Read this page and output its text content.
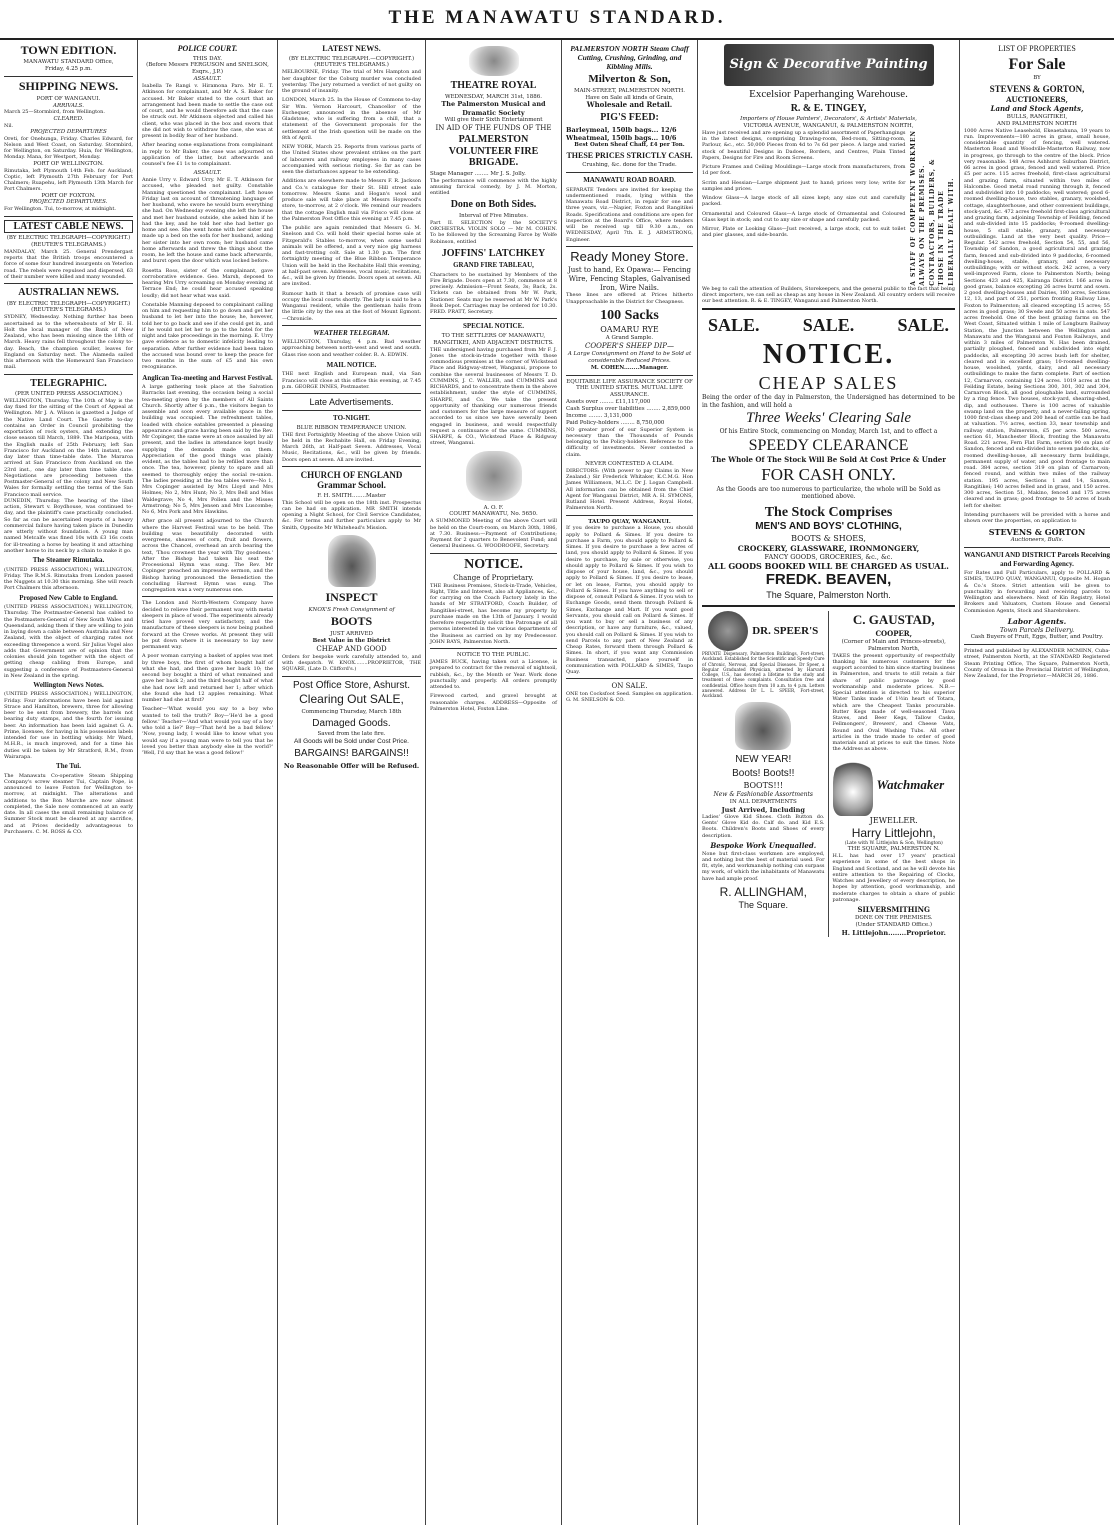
THE MANAWATU STANDARD.
TOWN EDITION.
MANAWATU STANDARD Office,
Friday, 4.25 p.m.
SHIPPING NEWS.
PORT OF WANGANUI.
ARRIVALS.
March 25—Stormbird, from Wellington.
CLEARED.
Nil.
PROJECTED DEPARTURES
Oreti, for Onehunga, Friday. Charles Edward, for Nelson and West Coast, on Saturday. Stormbird, for Wellington, on Saturday. Huia, for Wellington, Monday. Mana, for Westport, Monday.
PORT OF WELLINGTON.
Rimutaka, left Plymouth 14th Feb. for Auckland; Coptic, left Plymouth 27th February for Port Chalmers; Ruapehu, left Plymouth 13th March for Port Chalmers.
PORT OF FOXTON.
PROJECTED DEPARTURES.
For Wellington. Tui, to-morrow, at midnight.
LATEST CABLE NEWS.
(BY ELECTRIC TELEGRAPH—COPYRIGHT.) (REUTER'S TELEGRAMS.)
MANDALAY, March 25. General Prendergast reports that the British troops encountered a force of some four hundred insurgents on Yeterlon road. The rebels were repulsed and dispersed, 63 of their number were killed and many wounded.
AUSTRALIAN NEWS.
(BY ELECTRIC TELEGRAPH—COPYRIGHT.) (REUTER'S TELEGRAMS.)
SYDNEY, Wednesday. Nothing further has been ascertained as to the whereabouts of Mr E. H. Holt the local manager of the Bank of New Zealand, who has been missing since the 18th of March. Heavy rains fell throughout the colony to-day. Beach, the champion sculler, leaves for England on Saturday next. The Alameda sailed this afternoon with the Homeward San Francisco mail.
TELEGRAPHIC.
(PER UNITED PRESS ASSOCIATION.)
WELLINGTON, Thursday. The 10th of May is the day fixed for the sitting of the Court of Appeal at Wellington. Mr J. A. Wilson is gazetted a Judge of the Native Land Court. The Gazette to-day contains an Order in Council prohibiting the exportation of rock oysters, and extending the close season till March, 1889. The Mariposa, with the English mails of 25th February, left San Francisco for Auckland on the 14th instant, one day later than time-table date. The Mararoa arrived at San Francisco from Auckland on the 23rd inst., one day later than time table date. Negotiations are proceeding between the Postmaster-General of the colony and New South Wales for formally settling the terms of the San Francisco mail service.
DUNEDIN, Thursday. The hearing of the libel action, Stewart v. Boydhouse, was continued to-day, and the plaintiff's case practically concluded. So far as can be ascertained reports of a heavy commercial failure having taken place in Dunedin are utterly without foundation. A young man named Metcalfe was fined 10s with £3 16s costs for ill-treating a horse by beating it and attaching another horse to its neck by a chain to make it go.
The Steamer Rimutaka.
(UNITED PRESS ASSOCIATION.) WELLINGTON, Friday. The R.M.S. Rimutaka from London passed the Nuggets at 10.30 this morning. She will reach Port Chalmers this afternoon.
Proposed New Cable to England.
(UNITED PRESS ASSOCIATION.) WELLINGTON, Thursday. The Postmaster-General has cabled to the Postmasters-General of New South Wales and Queensland, asking them if they are willing to join in laying down a cable between Australia and New Zealand, with the object of charging rates not exceeding threepence a word. Sir Julius Vogel also adds that Government are of opinion that the colonies should join together with the object of getting cheap cabling from Europe, and suggesting a conference of Postmasters-General in New Zealand in the spring.
Wellington News Notes.
(UNITED PRESS ASSOCIATION.) WELLINGTON, Friday. Four informations have been laid against Strace and Hamilton, brewers, three for allowing beer to be sent from brewery, the barrels not bearing duty stamps, and the fourth for issuing beer. An information has been laid against G. A. Prime, licensee, for having in his possession labels intended for use in bottling whisky. Mr Ward, M.H.R., is much improved, and for a time his duties will be taken by Mr Stratford, R.M., from Wairarapa.
The Tui.
The Manawatu Co-operative Steam Shipping Company's screw steamer Tui, Captain Pope, is announced to leave Foxton for Wellington to-morrow, at midnight. The alterations and additions to the Bon Marche are now almost completed, the Sale now commenced at an early date. In all cases the small remaining balance of Summer Stock must be cleared at any sacrifice, and at Prices decidedly advantageous to Purchasers. C. M. ROSS & CO.
POLICE COURT.
THIS DAY.
(Before Messrs FERGUSON and SNELSON, Esqrs., J.P.)
ASSAULT.
Isabella Te Rangi v. Hiramona Paro. Mr E. T. Atkinson for complainant, and Mr A. S. Baker for accused. Mr Baker stated to the court that an arrangement had been made to settle the case out of court, and he would therefore ask that the case be struck out. Mr Atkinson objected and called his client, who was placed in the box and sworn that she did not wish to withdraw the case, she was at present in bodily fear of her husband.
After hearing some explanations from complainant in reply to Mr Baker, the case was adjourned on application of the latter, but afterwards and counsel's fee £1 1s to complainant.
ASSAULT.
Annie Urry v. Edward Urry. Mr E. T. Atkinson for accused, who pleaded not guilty. Constable Manning questioned the complainant. Left house Friday last on account of threatening language of her husband, who swore he would burn everything she had. On Wednesday evening she left the house and met her husband outside, she asked him if he had the key, and he told her she had better go home and see. She went home with her sister and made up a bed on the sofa for her husband, asking her sister into her own room; her husband came home afterwards and threw the things about the room, he left the house and came back afterwards, and burst open the door which was locked before.
Rosetta Ross, sister of the complainant, gave corroborative evidence. Geo. Marsh, deposed to hearing Mrs Urry screaming on Monday evening at Terrace End; he could hear accused speaking loudly; did not hear what was said.
Constable Manning deposed to complainant calling on him and requesting him to go down and get her husband to let her into the house; he, however, told her to go back and see if she could get in, and if he would not let her to go to the hotel for the night and take proceedings in the morning. E. Urry gave evidence as to domestic infelicity leading to separation. After further evidence had been taken the accused was bound over to keep the peace for two months in the sum of £5 and his own recognisance.
Anglican Tea-meeting and Harvest Festival.
A large gathering took place at the Salvation Barracks last evening, the occasion being a social tea-meeting given by the members of All Saints Church. Shortly after 6 p.m., the visitors began to assemble and soon every available space in the building was occupied. The refreshment tables, loaded with choice eatables presented a pleasing appearance and grace having been said by the Rev. Mr Copinger, the same were at once assailed by all present, and the ladies in attendance kept busily supplying the demands made on them. Appreciation of the good things was plainly evident, as the tables had to be refilled more than once. The tea, however, plenty to spare and all seemed to thoroughly enjoy the social re-union. The ladies presiding at the tea tables were—No 1, Mrs Copinger assisted by Mrs Lloyd and Mrs Holmes; No 2, Mrs Hunt; No 3, Mrs Bell and Miss Waldegrave; No 4, Mrs Pollen and the Misses Armstrong; No 5, Mrs Jensen and Mrs Luscombe; No 6, Mrs Pork and Mrs Hawkins.
After grace all present adjourned to the Church where the Harvest Festival was to be held. The building was beautifully decorated with evergreens, sheaves of corn, fruit and flowers, across the Chancel, overhead an arch bearing the text, 'Thou crownest the year with Thy goodness.' After the Bishop had taken his seat the Processional Hymn was sung. The Rev. Mr Copinger preached an impressive sermon, and the Bishop having pronounced the Benediction the concluding Harvest Hymn was sung. The congregation was a very numerous one.
The London and North-Western Company have decided to relieve their permanent way with metal sleepers in place of wood. The experiments already tried have proved very satisfactory, and the manufacture of these sleepers is now being pushed forward at the Crewe works. At present they will be put down where it is necessary to lay new permanent way.
A poor woman carrying a basket of apples was met by three boys, the first of whom bought half of what she had, and then gave her back 10; the second boy bought a third of what remained and gave her back 2; and the third bought half of what she had now left and returned her 1; after which she found she had 12 apples remaining. What number had she at first?
Teacher—'What would you say to a boy who wanted to tell the truth?' Boy—'He'd be a good fellow.' Teacher—'And what would you say of a boy who told a lie?' Boy—'That he'd be a bad fellow.' 'Now, young lady, I would like to know what you would say if a young man were to tell you that he loved you better than anybody else in the world?' 'Well, I'd say that he was a good fellow!'
LATEST NEWS.
(BY ELECTRIC TELEGRAPH.—COPYRIGHT.) (REUTER'S TELEGRAMS.)
MELBOURNE, Friday. The trial of Mrs Hampton and her daughter for the Coburg murder was concluded yesterday. The jury returned a verdict of not guilty on the ground of insanity.
LONDON, March 25. In the House of Commons to-day Sir Wm. Vernon Harcourt, Chancellor of the Exchequer, announced in the absence of Mr Gladstone, who is suffering from a chill, that a statement of the Government proposals for the settlement of the Irish question will be made on the 8th of April.
NEW YORK, March 25. Reports from various parts of the United States show prevalent strikes on the part of labourers and railway employees in many cases accompanied with serious rioting. So far as can be seen the disturbances appear to be extending.
Additions are elsewhere made to Messrs F. R. Jackson and Co.'s catalogue for their St. Hill street sale tomorrow. Messrs Sams and Hogan's wool and produce sale will take place at Messrs Hopwood's store, to-morrow, at 2 o'clock. We remind our readers that the cottage English mail via Frisco will close at the Palmerston Post Office this evening at 7.45 p.m.
The public are again reminded that Messrs G. M. Snelson and Co. will hold their special horse sale at Fitzgerald's Stables to-morrow, when some useful animals will be offered, and a very nice gig harness and fast-trotting colt. Sale at 1.30 p.m. The first fortnightly meeting of the Blue Ribbon Temperance Union will be held in the Rechabite Hall this evening, at half-past seven. Addresses, vocal music, recitations, &c., will be given by friends. Doors open at seven. All are invited.
Rumour hath it that a breach of promise case will occupy the local courts shortly. The lady is said to be a Wanganui resident, while the gentleman hails from the little city by the sea at the foot of Mount Egmont.—Chronicle.
WEATHER TELEGRAM.
WELLINGTON, Thursday, 4 p.m. Bad weather approaching between north-west and west and south. Glass rise soon and weather colder. R. A. EDWIN.
MAIL NOTICE.
THE next English and European mail, via San Francisco will close at this office this evening, at 7.45 p.m. GEORGE INNES, Postmaster.
Late Advertisements.
TO-NIGHT.
BLUE RIBBON TEMPERANCE UNION.
THE first Fortnightly Meeting of the above Union will be held in the Rechabite Hall, on Friday Evening, March 26th, at Half-past Seven. Addresses, Vocal Music, Recitations, &c., will be given by friends. Doors open at seven. All are invited.
CHURCH OF ENGLAND Grammar School.
F. H. SMITH........Master
This School will be open on the 18th inst. Prospectus can be had on application. MR SMITH intends opening a Night School, for Civil Service Candidates, &c. For terms and further particulars apply to Mr Smith, Opposite Mr Whitehead's Mission.
INSPECT
KNOX'S Fresh Consignment of
BOOTS
JUST ARRIVED
Best Value in the District
CHEAP AND GOOD
Orders for bespoke work carefully attended to, and with despatch. W. KNOX........PROPRIETOR, THE SQUARE, (Late D. Clifford's.)
Post Office Store, Ashurst.
Clearing Out SALE,
Commencing Thursday, March 18th
Damaged Goods.
Saved from the late fire.
All Goods will be Sold under Cost Price.
BARGAINS! BARGAINS!!
No Reasonable Offer will be Refused.
THEATRE ROYAL
WEDNESDAY, MARCH 31st, 1886.
The Palmerston Musical and Dramatic Society
Will give their Sixth Entertainment
IN AID OF THE FUNDS OF THE
PALMERSTON VOLUNTEER FIRE BRIGADE.
Stage Manager ........ Mr J. S. Jolly.
The performance will commence with the highly amusing farcical comedy, by J. M. Morton, entitled
Done on Both Sides.
Interval of Five Minutes.
Part II. SELECTION by the SOCIETY'S ORCHESTRA. VIOLIN SOLO — Mr M. COHEN. To be followed by the Screaming Farce by Wolfe Robinson, entitled
JOFFINS' LATCHKEY
GRAND FIRE TABLEAU,
Characters to be sustained by Members of the Fire Brigade. Doors open at 7.30, commence at 8 precisely. Admission—Front Seats, 3s; Back, 2s. Tickets can be obtained from Mr W. Park, Stationer. Seats may be reserved at Mr W. Park's Book Depot. Carriages may be ordered for 10.30. FRED. PRATT, Secretary.
SPECIAL NOTICE.
TO THE SETTLERS OF MANAWATU, RANGITIKEI, AND ADJACENT DISTRICTS.
THE undersigned having purchased from Mr F. J. Jones the stock-in-trade together with those commodious premises at the corner of Wickstead Place and Ridgway-street, Wanganui, propose to combine the several businesses of Messrs T. D. CUMMINS, J. C. WALLER, and CUMMINS and RICHARDS, and to concentrate them in the above establishment, under the style of CUMMINS, SHARPE, and Co. We take the present opportunity of thanking our numerous friends and customers for the large measure of support accorded to us since we have severally been engaged in business, and would respectfully request a continuance of the same. CUMMINS, SHARPE, & CO., Wickstead Place & Ridgway street, Wanganui.
A. O. F.
COURT MANAWATU, No. 5650.
A SUMMONED Meeting of the above Court will be held on the Court-room, on March 30th, 1886, at 7.30. Business:—Payment of Contributions; Payment for 2 quarters to Benevolent Fund; and General Business. G. WOODROOFE, Secretary.
NOTICE.
Change of Proprietary.
THE Business Premises, Stock-in-Trade, Vehicles, Right, Title and Interest, also all Appliances, &c., for carrying on the Coach Factory lately in the hands of Mr STRATFORD, Coach Builder, of Rangitikei-street, has become my property by purchase made on the 13th of January. I would therefore respectfully solicit the Patronage of all persons interested in the various departments of the Business as carried on by my Predecessor. JOHN BAYS, Palmerston North.
NOTICE TO THE PUBLIC.
JAMES BUCK, having taken out a License, is prepared to contract for the removal of nightsoil, rubbish, &c., by the Month or Year. Work done punctually and properly. All orders promptly attended to.
Firewood carted, and gravel brought at reasonable charges. ADDRESS—Opposite of Palmerston Hotel, Foxton Line.
PALMERSTON NORTH Steam Chaff Cutting, Crushing, Grinding, and Kibbling Mills.
Milverton & Son,
MAIN-STREET, PALMERSTON NORTH.
Have on Sale all kinds of Grain,
Wholesale and Retail.
PIG'S FEED:
Barleymeal, 150lb bags... 12/6
Wheatmeal, 150lb bags... 10/6
Best Oaten Sheaf Chaff, £4 per Ton.
THESE PRICES STRICTLY CASH.
Crushing, &c. done for the Trade.
MANAWATU ROAD BOARD.
SEPARATE Tenders are invited for keeping the undermentioned roads, lying within the Manawatu Road District, in repair for one and three years, viz.—Napier, Foxton and Rangitikei Roads. Specifications and conditions are open for inspection at the Board's Office, where tenders will be received up till 9.30 a.m., on WEDNESDAY, April 7th. E. J. ARMSTRONG, Engineer.
Ready Money Store.
Just to hand, Ex Opawa:— Fencing Wire, Fencing Staples, Galvanised Iron, Wire Nails.
These lines are offered at Prices hitherto Unapproachable in the District for Cheapness.
100 Sacks
OAMARU RYE
A Grand Sample.
COOPER'S SHEEP DIP—
A Large Consignment on Hand to be Sold at considerable Reduced Prices.
M. COHEN........Manager.
EQUITABLE LIFE ASSURANCE SOCIETY OF THE UNITED STATES. MUTUAL LIFE ASSURANCE.
Assets over ........ £11,117,000
Cash Surplus over liabilities ........ 2,859,000
Income ........ 3,131,000
Paid Policy-holders ........ 8,750,000
NO greater proof of our Superior System is necessary than the Thousands of Pounds belonging to the Policy-holders. Reference to the difficulty of investments. Never contested a claim.
NEVER CONTESTED A CLAIM.
DIRECTORS: (With power to pay Claims in New Zealand.) Sir Frederick Whitaker, K.C.M.G. Hon James Williamson, M.L.C. Dr J. Logan Campbell. All information can be obtained from the Chief Agent for Wanganui District, MR A. H. SYMONS, Rutland Hotel. Present Address, Royal Hotel, Palmerston North.
TAUPO QUAY, WANGANUI.
If you desire to purchase a House, you should apply to Pollard & Simes. If you desire to purchase a Farm, you should apply to Pollard & Simes. If you desire to purchase a few acres of land, you should apply to Pollard & Simes. If you desire to purchase, by sale or otherwise, you should apply to Pollard & Simes. If you wish to dispose of your house, land, &c., you should apply to Pollard & Simes. If you desire to lease, or let on lease, Farms, you should apply to Pollard & Simes. If you have anything to sell or dispose of, consult Pollard & Simes. If you wish to Exchange Goods, send them through Pollard & Simes, Exchange and Mart. If you want good Servants, you should call on Pollard & Simes. If you want to buy or sell a business of any description, or have any furniture, &c., valued, you should call on Pollard & Simes. If you wish to send Parcels to any part of New Zealand at Cheap Rates, forward them through Pollard & Simes. In short, if you want any Commission Business transacted, place yourself in communication with POLLARD & SIMES, Taupo Quay.
ON SALE.
ONE ton Cocksfoot Seed. Samples on application. G. M. SNELSON & CO.
Sign & Decorative Painting
Excelsior Paperhanging Warehouse.
R. & E. TINGEY,
Importers of House Painters', Decorators', & Artists' Materials,
VICTORIA AVENUE, WANGANUI, & PALMERSTON NORTH,
Have just received and are opening up a splendid assortment of Paperhangings in the latest designs, comprising Drawing-room, Bed-room, Sitting-room, Parlour, &c., etc. 50,000 Pieces from 4d to 7s 6d per piece. A large and varied stock of beautiful Designs in Dadoes, Borders, and Centres, Plain Tinted Papers, Designs for Fire and Room Screens.
Picture Frames and Ceiling Mouldings—Large stock from manufacturers, from 1d per foot.
Scrim and Hessian—Large shipment just to hand; prices very low; write for samples and prices.
Window Glass—A large stock of all sizes kept; any size cut and carefully packed.
Ornamental and Coloured Glass—A large stock of Ornamental and Coloured Glass kept in stock; and cut to any size or shape and carefully packed.
Mirror, Plate or Looking Glass—Just received, a large stock, cut to suit toilet and pier glasses, and side-boards.	A STAFF OF COMPETENT WORKMEN ALWAYS ON THE PREMISES. CONTRACTORS, BUILDERS, & THOSE IN THE TRADE LIBERALLY DEALT WITH.
We beg to call the attention of Builders, Storekeepers, and the general public to the fact that being direct importers, we can sell as cheap as any house in New Zealand. All country orders will receive our best attention. R. & E. TINGEY, Wanganui and Palmerston North.
SALE. SALE. SALE.
NOTICE.
CHEAP SALES
Being the order of the day in Palmerston, the Undersigned has determined to be in the fashion, and will hold a
Three Weeks' Clearing Sale
Of his Entire Stock, commencing on Monday, March 1st, and to effect a
SPEEDY CLEARANCE
The Whole Of The Stock Will Be Sold At Cost Price & Under
FOR CASH ONLY.
As the Goods are too numerous to particularize, the whole will be Sold as mentioned above.
The Stock Comprises
MEN'S AND BOYS' CLOTHING,
BOOTS & SHOES,
CROCKERY, GLASSWARE, IRONMONGERY,
FANCY GOODS, GROCERIES, &c., &c.
ALL GOODS BOOKED WILL BE CHARGED AS USUAL.
FREDK. BEAVEN,
The Square, Palmerston North.
DR. SPEER'S
PRIVATE Dispensary, Palmerston Buildings, Fort-street, Auckland. Established for the Scientific and Speedy Cure of Chronic, Nervous, and Special Diseases. Dr Speer, a Regular Graduated Physician, attested by Harvard College, U.S., has devoted a lifetime to the study and treatment of these complaints. Consultation free and confidential. Office hours from 10 a.m. to 4 p.m. Letters answered. Address Dr L. L. SPEER, Fort-street, Auckland.
NEW YEAR!
Boots! Boots!!
BOOTS!!!
New & Fashionable Assortments
IN ALL DEPARTMENTS
Just Arrived, Including
Ladies' Glove Kid Shoes. Cloth Button do. Gents' Glove Kid do. Calf do. and Kid E.S. Boots. Children's Boots and Shoes of every description.
Bespoke Work Unequalled.
None but first-class workmen are employed, and nothing but the best of material used. For fit, style, and workmanship nothing can surpass my work, of which the inhabitants of Manawatu have had ample proof.
R. ALLINGHAM,
The Square.
C. GAUSTAD,
COOPER,
(Corner of Main and Princes-streets), Palmerston North,
TAKES the present opportunity of respectfully thanking his numerous customers for the support accorded to him since starting business in Palmerston, and trusts to still retain a fair share of public patronage by good workmanship and moderate prices. N.B.—Special attention is directed to his superior Water Tanks made of 1½in heart of Totara, which are the Cheapest Tanks procurable. Butter Kegs made of well-seasoned Tawa Staves, and Beer Kegs, Tallow Casks, Fellmongers', Brewers', and Cheese Vats, Round and Oval Washing Tubs. All other articles in the trade made to order of good materials and at prices to suit the times. Note the Address as above.
Watchmaker
JEWELLER.
Harry Littlejohn,
(Late with W. Littlejohn & Son, Wellington)
THE SQUARE, PALMERSTON N.
H.L. has had over 17 years' practical experience in some of the best shops in England and Scotland, and as he will devote his entire attention to the Repairing of Clocks, Watches and Jewellery of every description, he hopes by attention, good workmanship, and moderate charges to obtain a share of public patronage.
SILVERSMITHING
DONE ON THE PREMISES.
(Under STANDARD Office.)
H. Littlejohn........Proprietor.
LIST OF PROPERTIES
For Sale
BY
STEVENS & GORTON,
AUCTIONEERS,
Land and Stock Agents,
BULLS, RANGITIKEI,
AND PALMERSTON NORTH
1000 Acres Native Leasehold, Ekeaetahuna, 19 years to run. Improvements—180 acres in grass, small house, considerable quantity of fencing, well watered. Masterton Road and Woodville-Masterton Railway, now in progress, go through to the centre of the block. Price very reasonable. 148 Acres Ashhurst Suburban District, 66 acres in good grass, fenced and well watered. Price £5 per acre. 115 acres freehold, first-class agricultural and grazing farm, situated within two miles of Halcombe. Good metal road running through it, fenced and subdivided into 10 paddocks; well watered; good 6-roomed dwelling-house, two stables, granary, woolshed, cottage, slaughterhouse, and other convenient buildings, stock-yard, &c. 472 acres freehold first-class agricultural and grazing farm, adjoining Township of Feilding, fenced and sub-divided into 15 paddocks; 9-roomed dwelling-house, 5 stall stable, granary, and necessary outbuildings. Land at the very best quality. Price—Regular. 542 acres freehold, Section 54, 55, and 56, Township of Sandon, a good agricultural and grazing farm, fenced and sub-divided into 9 paddocks, 6-roomed dwelling-house, stable, granary, and necessary outbuildings; with or without stock. 242 acres, a very well-improved Farm, close to Palmerston North; being Sections 423 and 425, Kairanga District. 166 acres in good grass, balance excepting 26 acres burnt and sown. 2 good dwelling-houses and Dairies, 180 acres, Sections 12, 13, and part of 251, portion fronting Railway Line, Foxton to Palmerston; all cleared excepting 15 acres; 55 acres in good grass; 30 Swede and 50 acres in oats. 547 acres freehold. One of the best grazing farms on the West Coast, Situated within 1 mile of Longburn Railway Station, the Junction between the Wellington and Manawatu and the Wanganui and Foxton Railways, and within 3 miles of Palmerston N. Has been drained, partially ploughed, fenced and subdivided into eight paddocks, all excepting 30 acres bush left for shelter, cleared and in excellent grass; 10-roomed dwelling-house, woolshed, yards, dairy, and all necessary outbuildings to make the farm complete. Part of section 12, Carnarvon, containing 124 acres. 1019 acres at the Feilding Estate, being Sections 300, 301, 302 and 304, Carnarvon Block, all good ploughable land, surrounded by a ring fence. Two houses, stock-yard, shearing-shed, dip, and outhouses. There is 100 acres of valuable swamp land on the property, and a never-failing spring. 1000 first-class sheep and 200 head of cattle can be had at valuation. 7½ acres, section 33, near township and railway station, Palmerston, £5 per acre. 500 acres, section 61, Manchester Block, fronting the Manawatu Road. 221 acres, Fern Flat Farm, section 90 on plan of Sandon, fenced and sub-divided into seven paddocks, six-roomed dwelling-house, all necessary farm buildings, permanent supply of water, and good frontage to main road. 384 acres, section 319 on plan of Carnarvon; fenced round, and within two miles of the railway station. 195 acres, Sections 1 and 14, Sanson, Rangitikei; 140 acres felled and in grass, and 150 acres. 300 acres, Section 51, Makino, fenced and 175 acres cleared and in grass; good frontage to 50 acres of bush left for shelter.
Intending purchasers will be provided with a horse and shown over the properties, on application to
STEVENS & GORTON
Auctioneers, Bulls.
WANGANUI AND DISTRICT Parcels Receiving and Forwarding Agency.
For Rates and Full Particulars, apply to POLLARD & SIMES, TAUPO QUAY, WANGANUI, Opposite M. Hogan & Co.'s Store. Strict attention will be given to punctuality in forwarding and receiving parcels to Wellington and elsewhere. Next of Kin Registry, Hotel Brokers and Valuators, Custom House and General Commission Agents, Stock and Sharebrokers.
Labor Agents.
Town Parcels Delivery.
Cash Buyers of Fruit, Eggs, Butter, and Poultry.
Printed and published by ALEXANDER MCMINN, Cuba-street, Palmerston North, at the STANDARD Registered Steam Printing Office, The Square, Palmerston North, County of Oroua in the Provincial District of Wellington, New Zealand, for the Proprietor.—MARCH 26, 1886.
